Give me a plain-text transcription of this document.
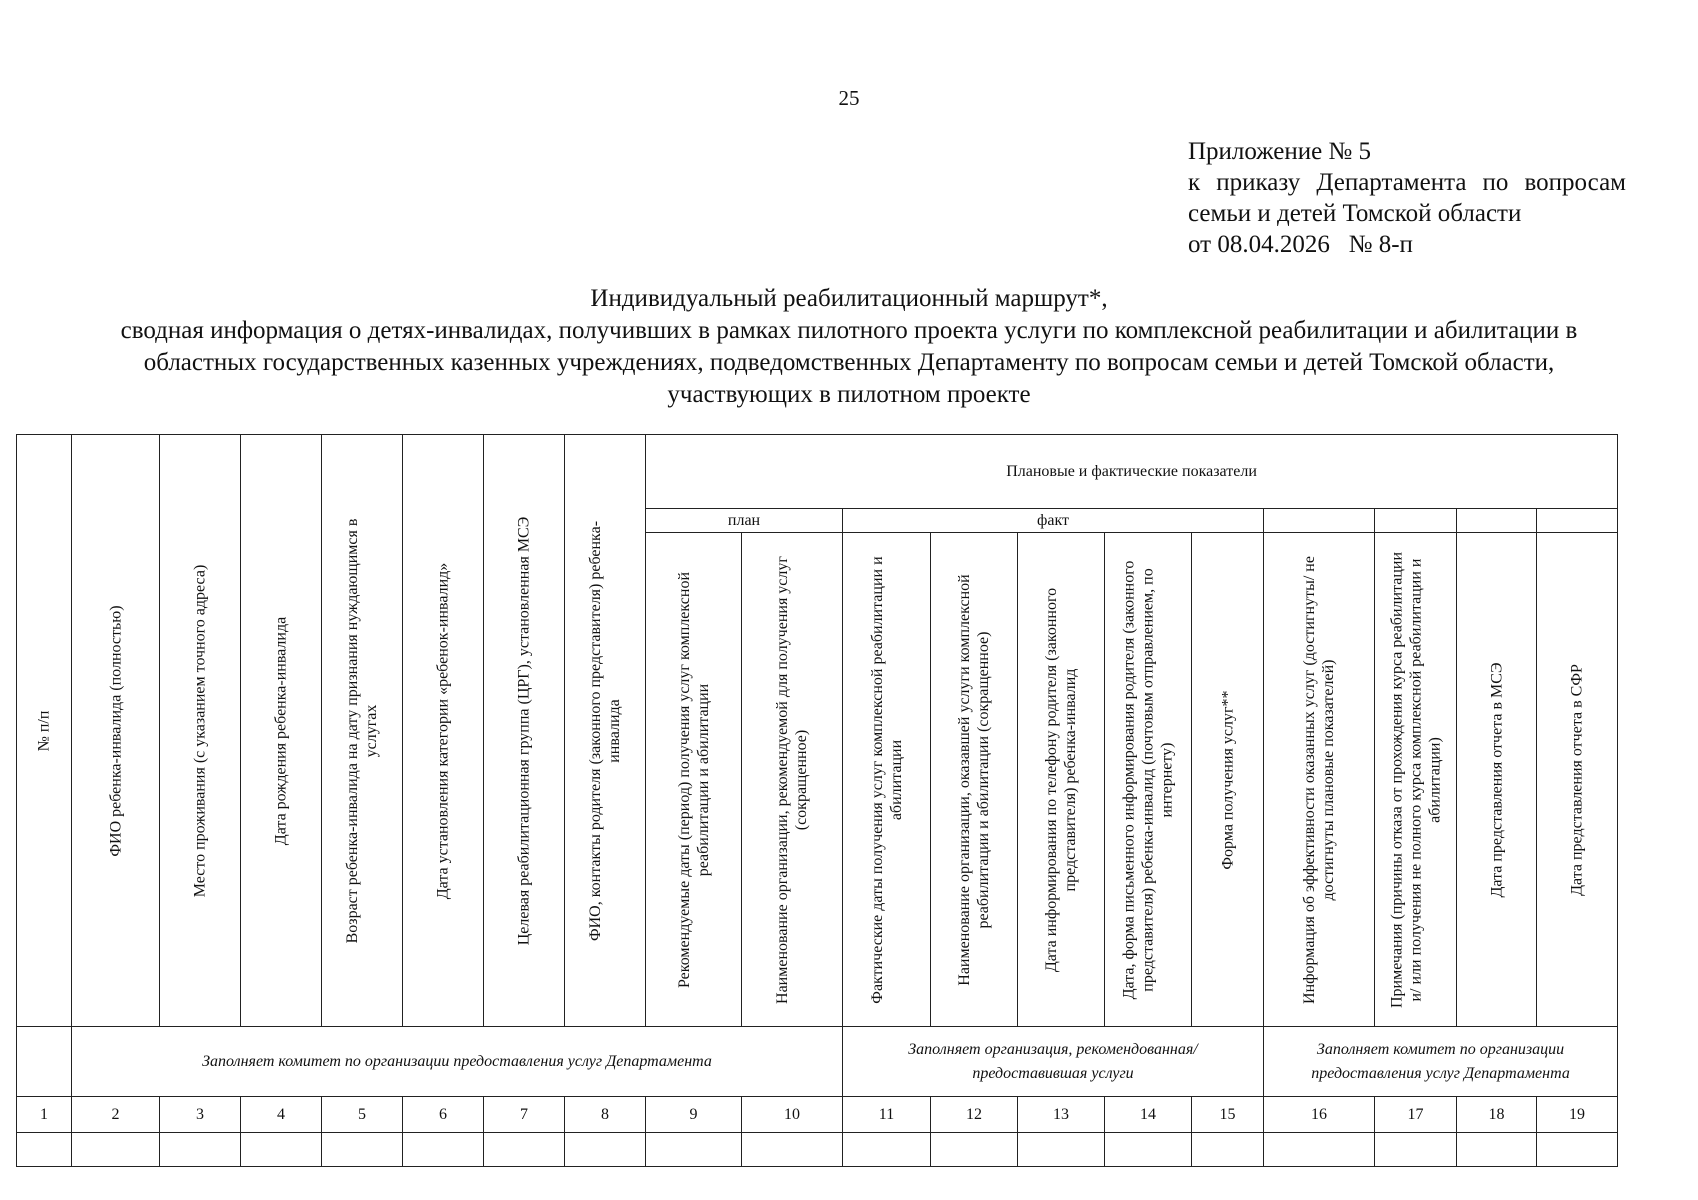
25
Приложение № 5
к приказу Департамента по вопросам
семьи и детей Томской области
от 08.04.2026   № 8-п
Индивидуальный реабилитационный маршрут*,
сводная информация о детях-инвалидах, получивших в рамках пилотного проекта услуги по комплексной реабилитации и абилитации в
областных государственных казенных учреждениях, подведомственных Департаменту по вопросам семьи и детей Томской области,
участвующих в пилотном проекте
№ п/п	ФИО ребенка-инвалида (полностью)	Место проживания (с указанием точного адреса)	Дата рождения ребенка-инвалида	Возраст ребенка-инвалида на дату признания нуждающимся в услугах	Дата установления категории «ребенок-инвалид»	Целевая реабилитационная группа (ЦРГ), установленная МСЭ	ФИО, контакты родителя (законного представителя) ребенка-инвалида	Плановые и фактические показатели										
								план		факт								

								Рекомендуемые даты (период) получения услуг комплексной реабилитации и абилитации	Наименование организации, рекомендуемой для получения услуг (сокращенное)	Фактические даты получения услуг комплексной реабилитации и абилитации	Наименование организации, оказавшей услуги комплексной реабилитации и абилитации (сокращенное)	Дата информирования по телефону родителя (законного представителя) ребенка-инвалид	Дата, форма письменного информирования родителя (законного представителя) ребенка-инвалид (почтовым отправлением, по интернету)	Форма получения услуг**	Информация об эффективности оказанных услуг (достигнуты/ не достигнуты плановые показателей)	Примечания (причины отказа от прохождения курса реабилитации и/ или получения не полного курса комплексной реабилитации и абилитации)	Дата представления отчета в МСЭ	Дата представления отчета в СФР

	Заполняет комитет по организации предоставления услуг Департамента									Заполняет организация, рекомендованная/ предоставившая услуги					Заполняет комитет по организации предоставления услуг Департамента			
1	2	3	4	5	6	7	8	9	10	11	12	13	14	15	16	17	18	19
